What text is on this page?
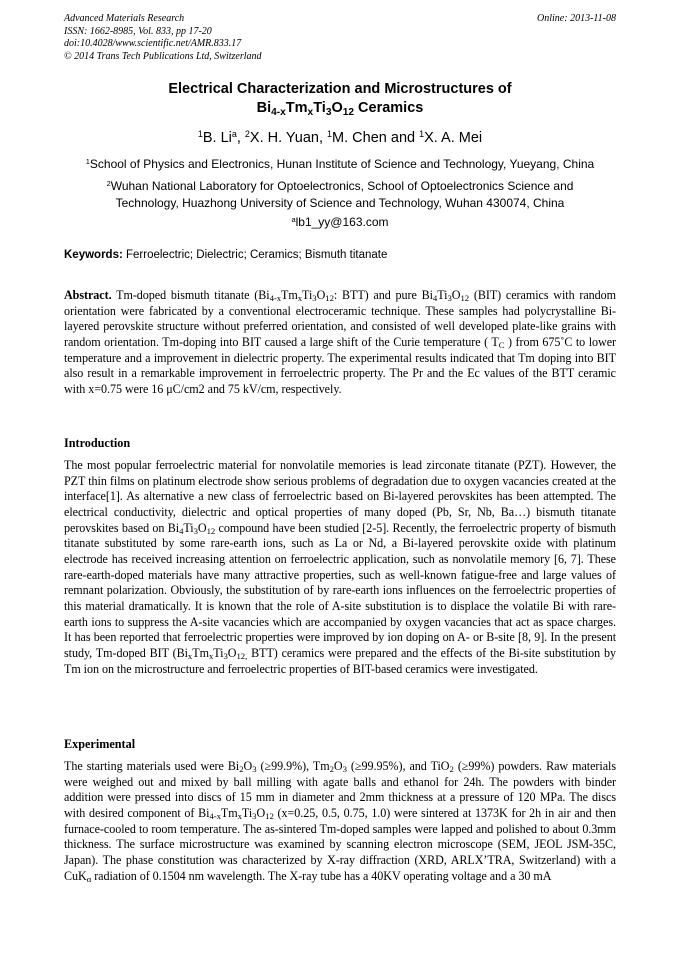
Advanced Materials Research
ISSN: 1662-8985, Vol. 833, pp 17-20
doi:10.4028/www.scientific.net/AMR.833.17
© 2014 Trans Tech Publications Ltd, Switzerland
Online: 2013-11-08
Electrical Characterization and Microstructures of
$Bi_{4-x}Tm_xTi_3O_{12}$ Ceramics
$^1$B. Li$^a$, $^2$X. H. Yuan, $^1$M. Chen and $^1$X. A. Mei
$^1$School of Physics and Electronics, Hunan Institute of Science and Technology, Yueyang, China
$^2$Wuhan National Laboratory for Optoelectronics, School of Optoelectronics Science and
Technology, Huazhong University of Science and Technology, Wuhan 430074, China
$^a$lb1_yy@163.com
Keywords: Ferroelectric; Dielectric; Ceramics; Bismuth titanate
Abstract. Tm-doped bismuth titanate ($Bi_{4-x}Tm_xTi_3O_{12}$: BTT) and pure $Bi_4Ti_3O_{12}$ (BIT) ceramics with random orientation were fabricated by a conventional electroceramic technique. These samples had polycrystalline Bi-layered perovskite structure without preferred orientation, and consisted of well developed plate-like grains with random orientation. Tm-doping into BIT caused a large shift of the Curie temperature ( $T_C$ ) from 675˚C to lower temperature and a improvement in dielectric property. The experimental results indicated that Tm doping into BIT also result in a remarkable improvement in ferroelectric property. The Pr and the Ec values of the BTT ceramic with x=0.75 were 16 μC/cm2 and 75 kV/cm, respectively.
Introduction
The most popular ferroelectric material for nonvolatile memories is lead zirconate titanate (PZT). However, the PZT thin films on platinum electrode show serious problems of degradation due to oxygen vacancies created at the interface[1]. As alternative a new class of ferroelectric based on Bi-layered perovskites has been attempted. The electrical conductivity, dielectric and optical properties of many doped (Pb, Sr, Nb, Ba…) bismuth titanate perovskites based on $Bi_4Ti_3O_{12}$ compound have been studied [2-5]. Recently, the ferroelectric property of bismuth titanate substituted by some rare-earth ions, such as La or Nd, a Bi-layered perovskite oxide with platinum electrode has received increasing attention on ferroelectric application, such as nonvolatile memory [6, 7]. These rare-earth-doped materials have many attractive properties, such as well-known fatigue-free and large values of remnant polarization. Obviously, the substitution of by rare-earth ions influences on the ferroelectric properties of this material dramatically. It is known that the role of A-site substitution is to displace the volatile Bi with rare-earth ions to suppress the A-site vacancies which are accompanied by oxygen vacancies that act as space charges. It has been reported that ferroelectric properties were improved by ion doping on A- or B-site [8, 9]. In the present study, Tm-doped BIT ($Bi_xTm_xTi_3O_{12,}$ BTT) ceramics were prepared and the effects of the Bi-site substitution by Tm ion on the microstructure and ferroelectric properties of BIT-based ceramics were investigated.
Experimental
The starting materials used were $Bi_2O_3$ (≥99.9%), $Tm_2O_3$ (≥99.95%), and TiO$_2$ (≥99%) powders. Raw materials were weighed out and mixed by ball milling with agate balls and ethanol for 24h. The powders with binder addition were pressed into discs of 15 mm in diameter and 2mm thickness at a pressure of 120 MPa. The discs with desired component of $Bi_{4-x}Tm_xTi_3O_{12}$ (x=0.25, 0.5, 0.75, 1.0) were sintered at 1373K for 2h in air and then furnace-cooled to room temperature. The as-sintered Tm-doped samples were lapped and polished to about 0.3mm thickness. The surface microstructure was examined by scanning electron microscope (SEM, JEOL JSM-35C, Japan). The phase constitution was characterized by X-ray diffraction (XRD, ARLX’TRA, Switzerland) with a CuK$_\alpha$ radiation of 0.1504 nm wavelength. The X-ray tube has a 40KV operating voltage and a 30 mA
